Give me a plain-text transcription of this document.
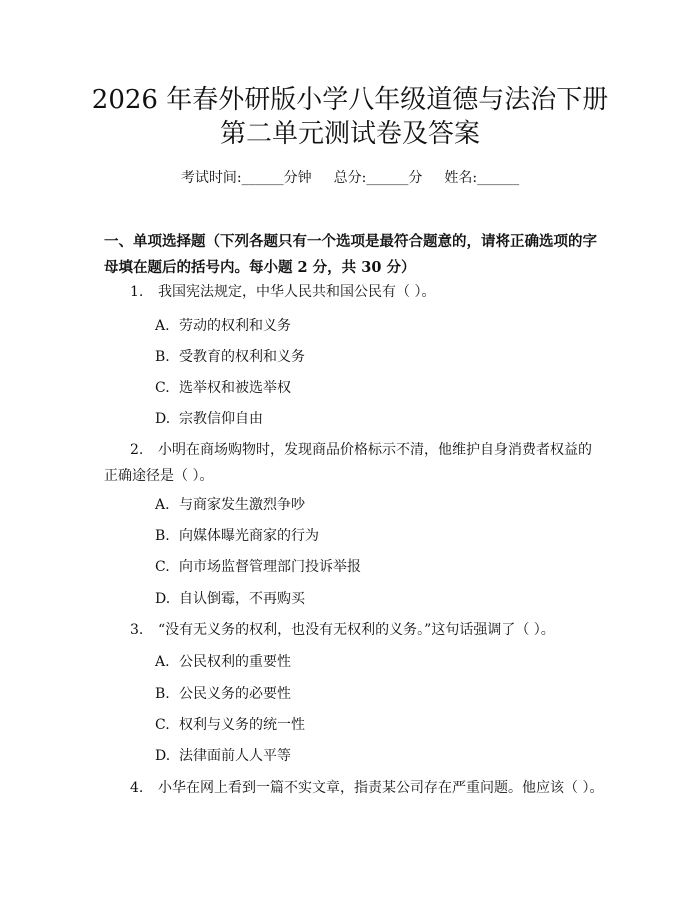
2026 年春外研版小学八年级道德与法治下册
第二单元测试卷及答案
考试时间:______分钟 总分:______分 姓名:______
一、单项选择题（下列各题只有一个选项是最符合题意的，请将正确选项的字母填在题后的括号内。每小题 2 分，共 30 分）
1. 我国宪法规定，中华人民共和国公民有（ ）。
A. 劳动的权利和义务
B. 受教育的权利和义务
C. 选举权和被选举权
D. 宗教信仰自由
2. 小明在商场购物时，发现商品价格标示不清，他维护自身消费者权益的正确途径是（ ）。
A. 与商家发生激烈争吵
B. 向媒体曝光商家的行为
C. 向市场监督管理部门投诉举报
D. 自认倒霉，不再购买
3. “没有无义务的权利，也没有无权利的义务。”这句话强调了（ ）。
A. 公民权利的重要性
B. 公民义务的必要性
C. 权利与义务的统一性
D. 法律面前人人平等
4. 小华在网上看到一篇不实文章，指责某公司存在严重问题。他应该（ ）。
